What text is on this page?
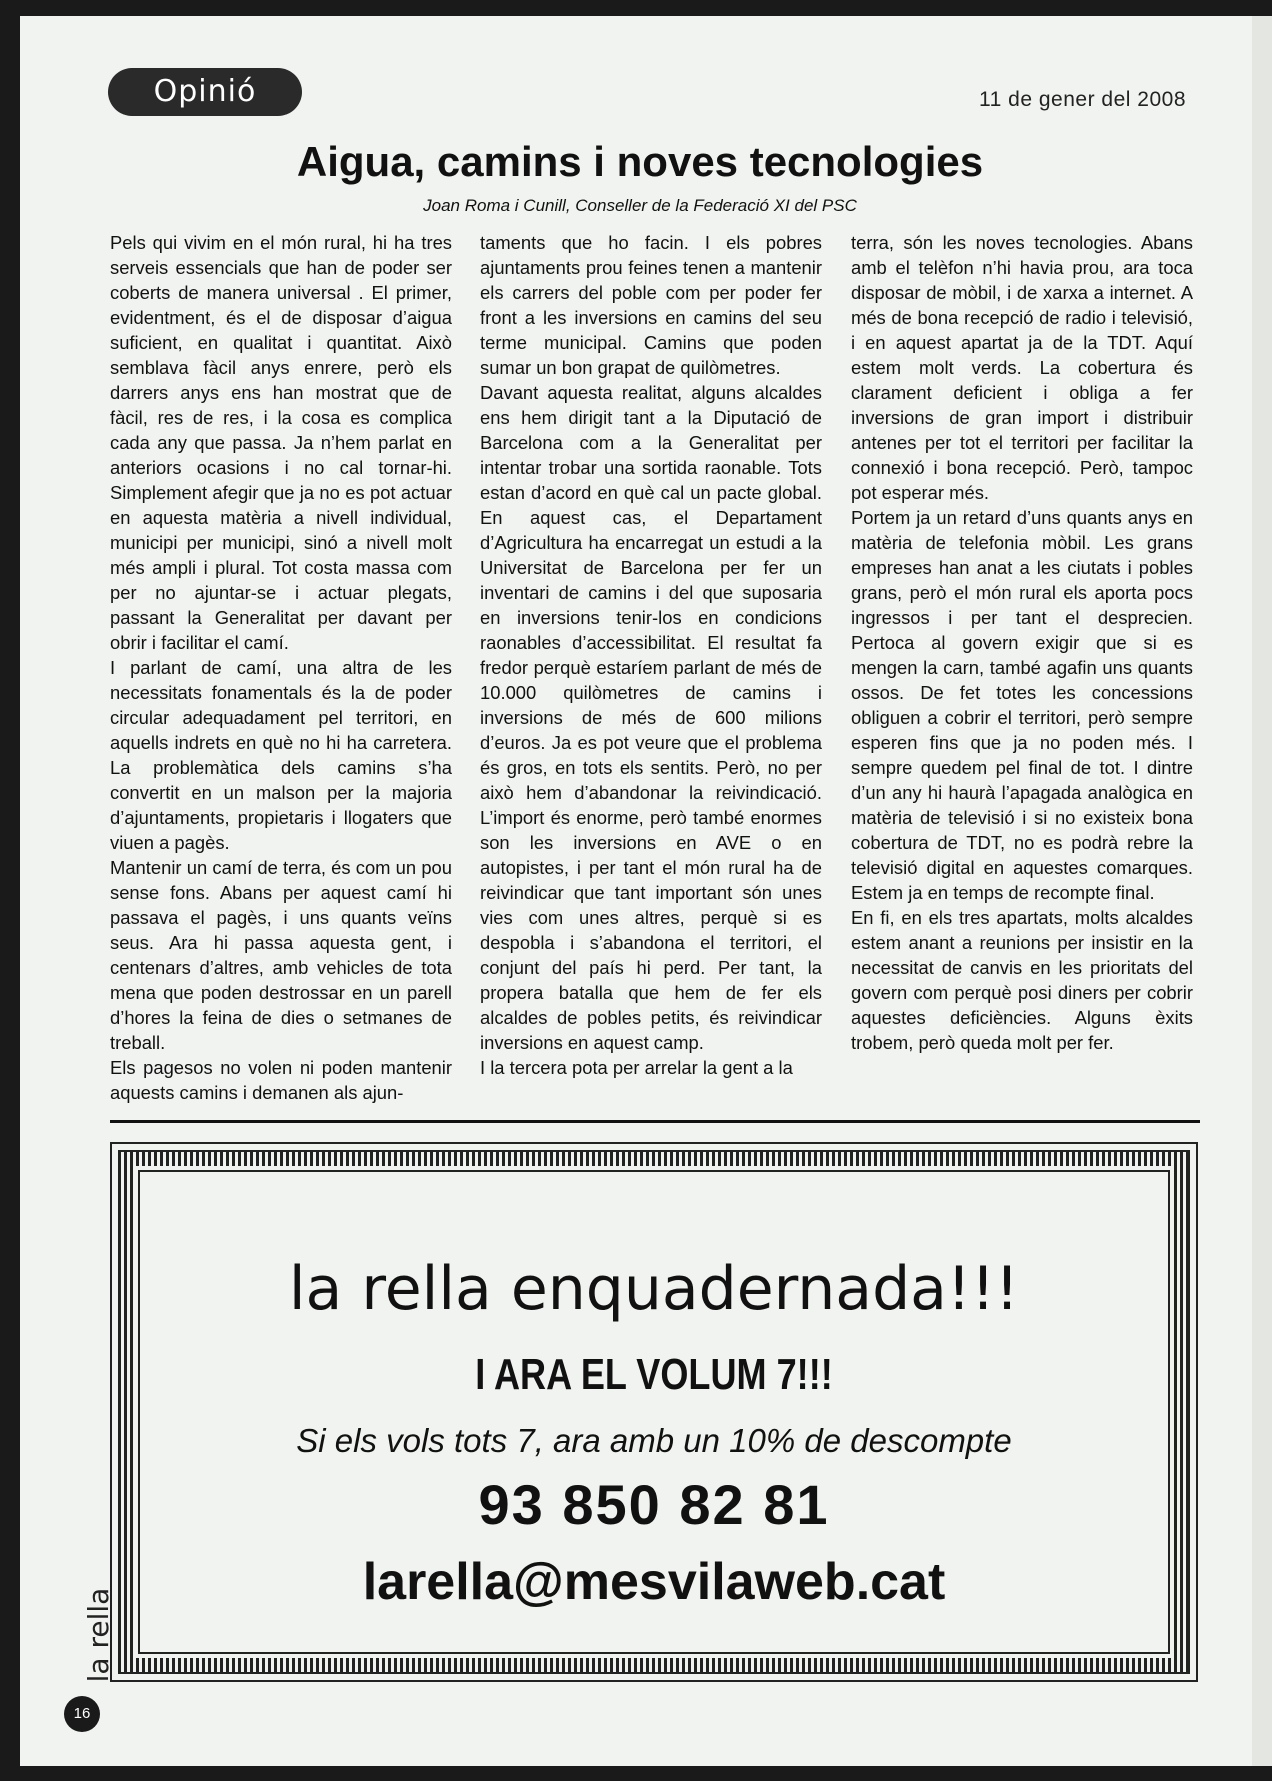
Opinió	11 de gener del 2008
Aigua, camins i noves tecnologies
Joan Roma i Cunill, Conseller de la Federació XI del PSC

Pels qui vivim en el món rural, hi ha tres serveis essencials que han de poder ser coberts de manera universal . El primer, evidentment, és el de disposar d’aigua suficient, en qualitat i quantitat. Això semblava fàcil anys enrere, però els darrers anys ens han mostrat que de fàcil, res de res, i la cosa es complica cada any que passa. Ja n’hem parlat en anteriors ocasions i no cal tornar-hi. Simplement afegir que ja no es pot actuar en aquesta matèria a nivell individual, municipi per municipi, sinó a nivell molt més ampli i plural. Tot costa massa com per no ajuntar-se i actuar plegats, passant la Generalitat per davant per obrir i facilitar el camí.

I parlant de camí, una altra de les necessitats fonamentals és la de poder circular adequadament pel territori, en aquells indrets en què no hi ha carretera. La problemàtica dels camins s’ha convertit en un malson per la majoria d’ajuntaments, propietaris i llogaters que viuen a pagès.

Mantenir un camí de terra, és com un pou sense fons. Abans per aquest camí hi passava el pagès, i uns quants veïns seus. Ara hi passa aquesta gent, i centenars d’altres, amb vehicles de tota mena que poden destrossar en un parell d’hores la feina de dies o setmanes de treball.

Els pagesos no volen ni poden mantenir aquests camins i demanen als ajun-

taments que ho facin. I els pobres ajuntaments prou feines tenen a mantenir els carrers del poble com per poder fer front a les inversions en camins del seu terme municipal. Camins que poden sumar un bon grapat de quilòmetres.

Davant aquesta realitat, alguns alcaldes ens hem dirigit tant a la Diputació de Barcelona com a la Generalitat per intentar trobar una sortida raonable. Tots estan d’acord en què cal un pacte global. En aquest cas, el Departament d’Agricultura ha encarregat un estudi a la Universitat de Barcelona per fer un inventari de camins i del que suposaria en inversions tenir-los en condicions raonables d’accessibilitat. El resultat fa fredor perquè estaríem parlant de més de 10.000 quilòmetres de camins i inversions de més de 600 milions d’euros. Ja es pot veure que el problema és gros, en tots els sentits. Però, no per això hem d’abandonar la reivindicació. L’import és enorme, però també enormes son les inversions en AVE o en autopistes, i per tant el món rural ha de reivindicar que tant important són unes vies com unes altres, perquè si es despobla i s’abandona el territori, el conjunt del país hi perd. Per tant, la propera batalla que hem de fer els alcaldes de pobles petits, és reivindicar inversions en aquest camp.

I la tercera pota per arrelar la gent a la

terra, són les noves tecnologies. Abans amb el telèfon n’hi havia prou, ara toca disposar de mòbil, i de xarxa a internet. A més de bona recepció de radio i televisió, i en aquest apartat ja de la TDT. Aquí estem molt verds. La cobertura és clarament deficient i obliga a fer inversions de gran import i distribuir antenes per tot el territori per facilitar la connexió i bona recepció. Però, tampoc pot esperar més.

Portem ja un retard d’uns quants anys en matèria de telefonia mòbil. Les grans empreses han anat a les ciutats i pobles grans, però el món rural els aporta pocs ingressos i per tant el desprecien. Pertoca al govern exigir que si es mengen la carn, també agafin uns quants ossos. De fet totes les concessions obliguen a cobrir el territori, però sempre esperen fins que ja no poden més. I sempre quedem pel final de tot. I dintre d’un any hi haurà l’apagada analògica en matèria de televisió i si no existeix bona cobertura de TDT, no es podrà rebre la televisió digital en aquestes comarques. Estem ja en temps de recompte final.

En fi, en els tres apartats, molts alcaldes estem anant a reunions per insistir en la necessitat de canvis en les prioritats del govern com perquè posi diners per cobrir aquestes deficiències. Alguns èxits trobem, però queda molt per fer.

la rella enquadernada!!!
I ARA EL VOLUM 7!!!
Si els vols tots 7, ara amb un 10% de descompte
93 850 82 81
larella@mesvilaweb.cat
la rella
16
